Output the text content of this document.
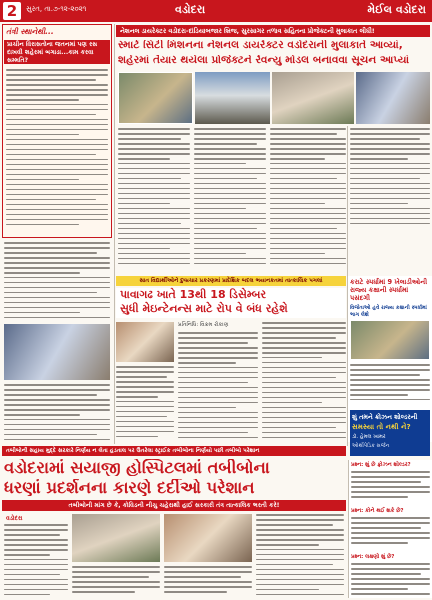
2	સુરત, તા.૭-૧૨-૨૦૨૧	વડોદરા	મેઈલ વડોદરા
તંત્રી સ્થાનેથી...
પ્રાચીન વિરાસતોના જતનમાં પણ રસ દાખવી શહેરમાં બગાડા...કામ કરવા સમ્મતિ?
નેશનલ ડાયરેક્ટર વડોદરા-દાંડિયાબજાર બ્રિજ, સુરસાગર તળાવ સહિતના પ્રોજેક્ટની મુલાકાત લીધી!
સ્માર્ટ સિટી મિશનના નેશનલ ડાયરેક્ટર વડોદરાની મુલાકાતે આવ્યાં,
શહેરમાં તૈયાર થયેલા પ્રોજેક્ટને રેવન્યુ મોડલ બનાવવા સૂચન આપ્યાં
સાત વિદ્યાર્થીઓને દુષ્પ્રચાર પ્રકરણમાં પ્રાદેશિક બદલ ભયાનકતમાં તાત્કાલિક પગલાં
પાવાગઢ ખાતે 13થી 18 ડિસેમ્બર
સુધી મેઇન્ટેનન્સ માટે રોપ વે બંધ રહેશે
પ્રતિનિધિ: વિક્રમ રોકાણ
કરાટે સ્પર્ધામાં 9 ખેલાડીઓની રાજ્ય કક્ષાની સ્પર્ધામાં પસંદગી
વિજેતાઓ હવે રાજ્ય કક્ષાની સ્પર્ધામાં ભાગ લેશે
શું તમને ક્રોઝન શોલ્ડરની
સમસ્યા તો નથી ને?
ડૉ. હેમલ ખામર
ઓર્થોપેડિક સર્જન
તબીબોની સહાય મુદ્દે સરકારે નિર્ણય ન લેતા હડતાલ પર ઉતરેલા સ્ટ્રાઈક તબીબોના નિર્ણયો પછી તબીબો પરેશાન
વડોદરામાં સયાજી હોસ્પિટલમાં તબીબોના
ધરણાં પ્રદર્શનના કારણે દર્દીઓ પરેશાન
તબીબોની માંગ છે કે, કોવિડની નીચુ ચહેરાથી હાઈ સરકારી તંત્ર તાત્કાલિક ભરતી કરે!
વડોદરા
પ્રશ્ન: શું છે ફ્રોઝન શોલ્ડર?
પ્રશ્ન: કોને થઈ શકે છે?
પ્રશ્ન: લક્ષણો શું છે?
